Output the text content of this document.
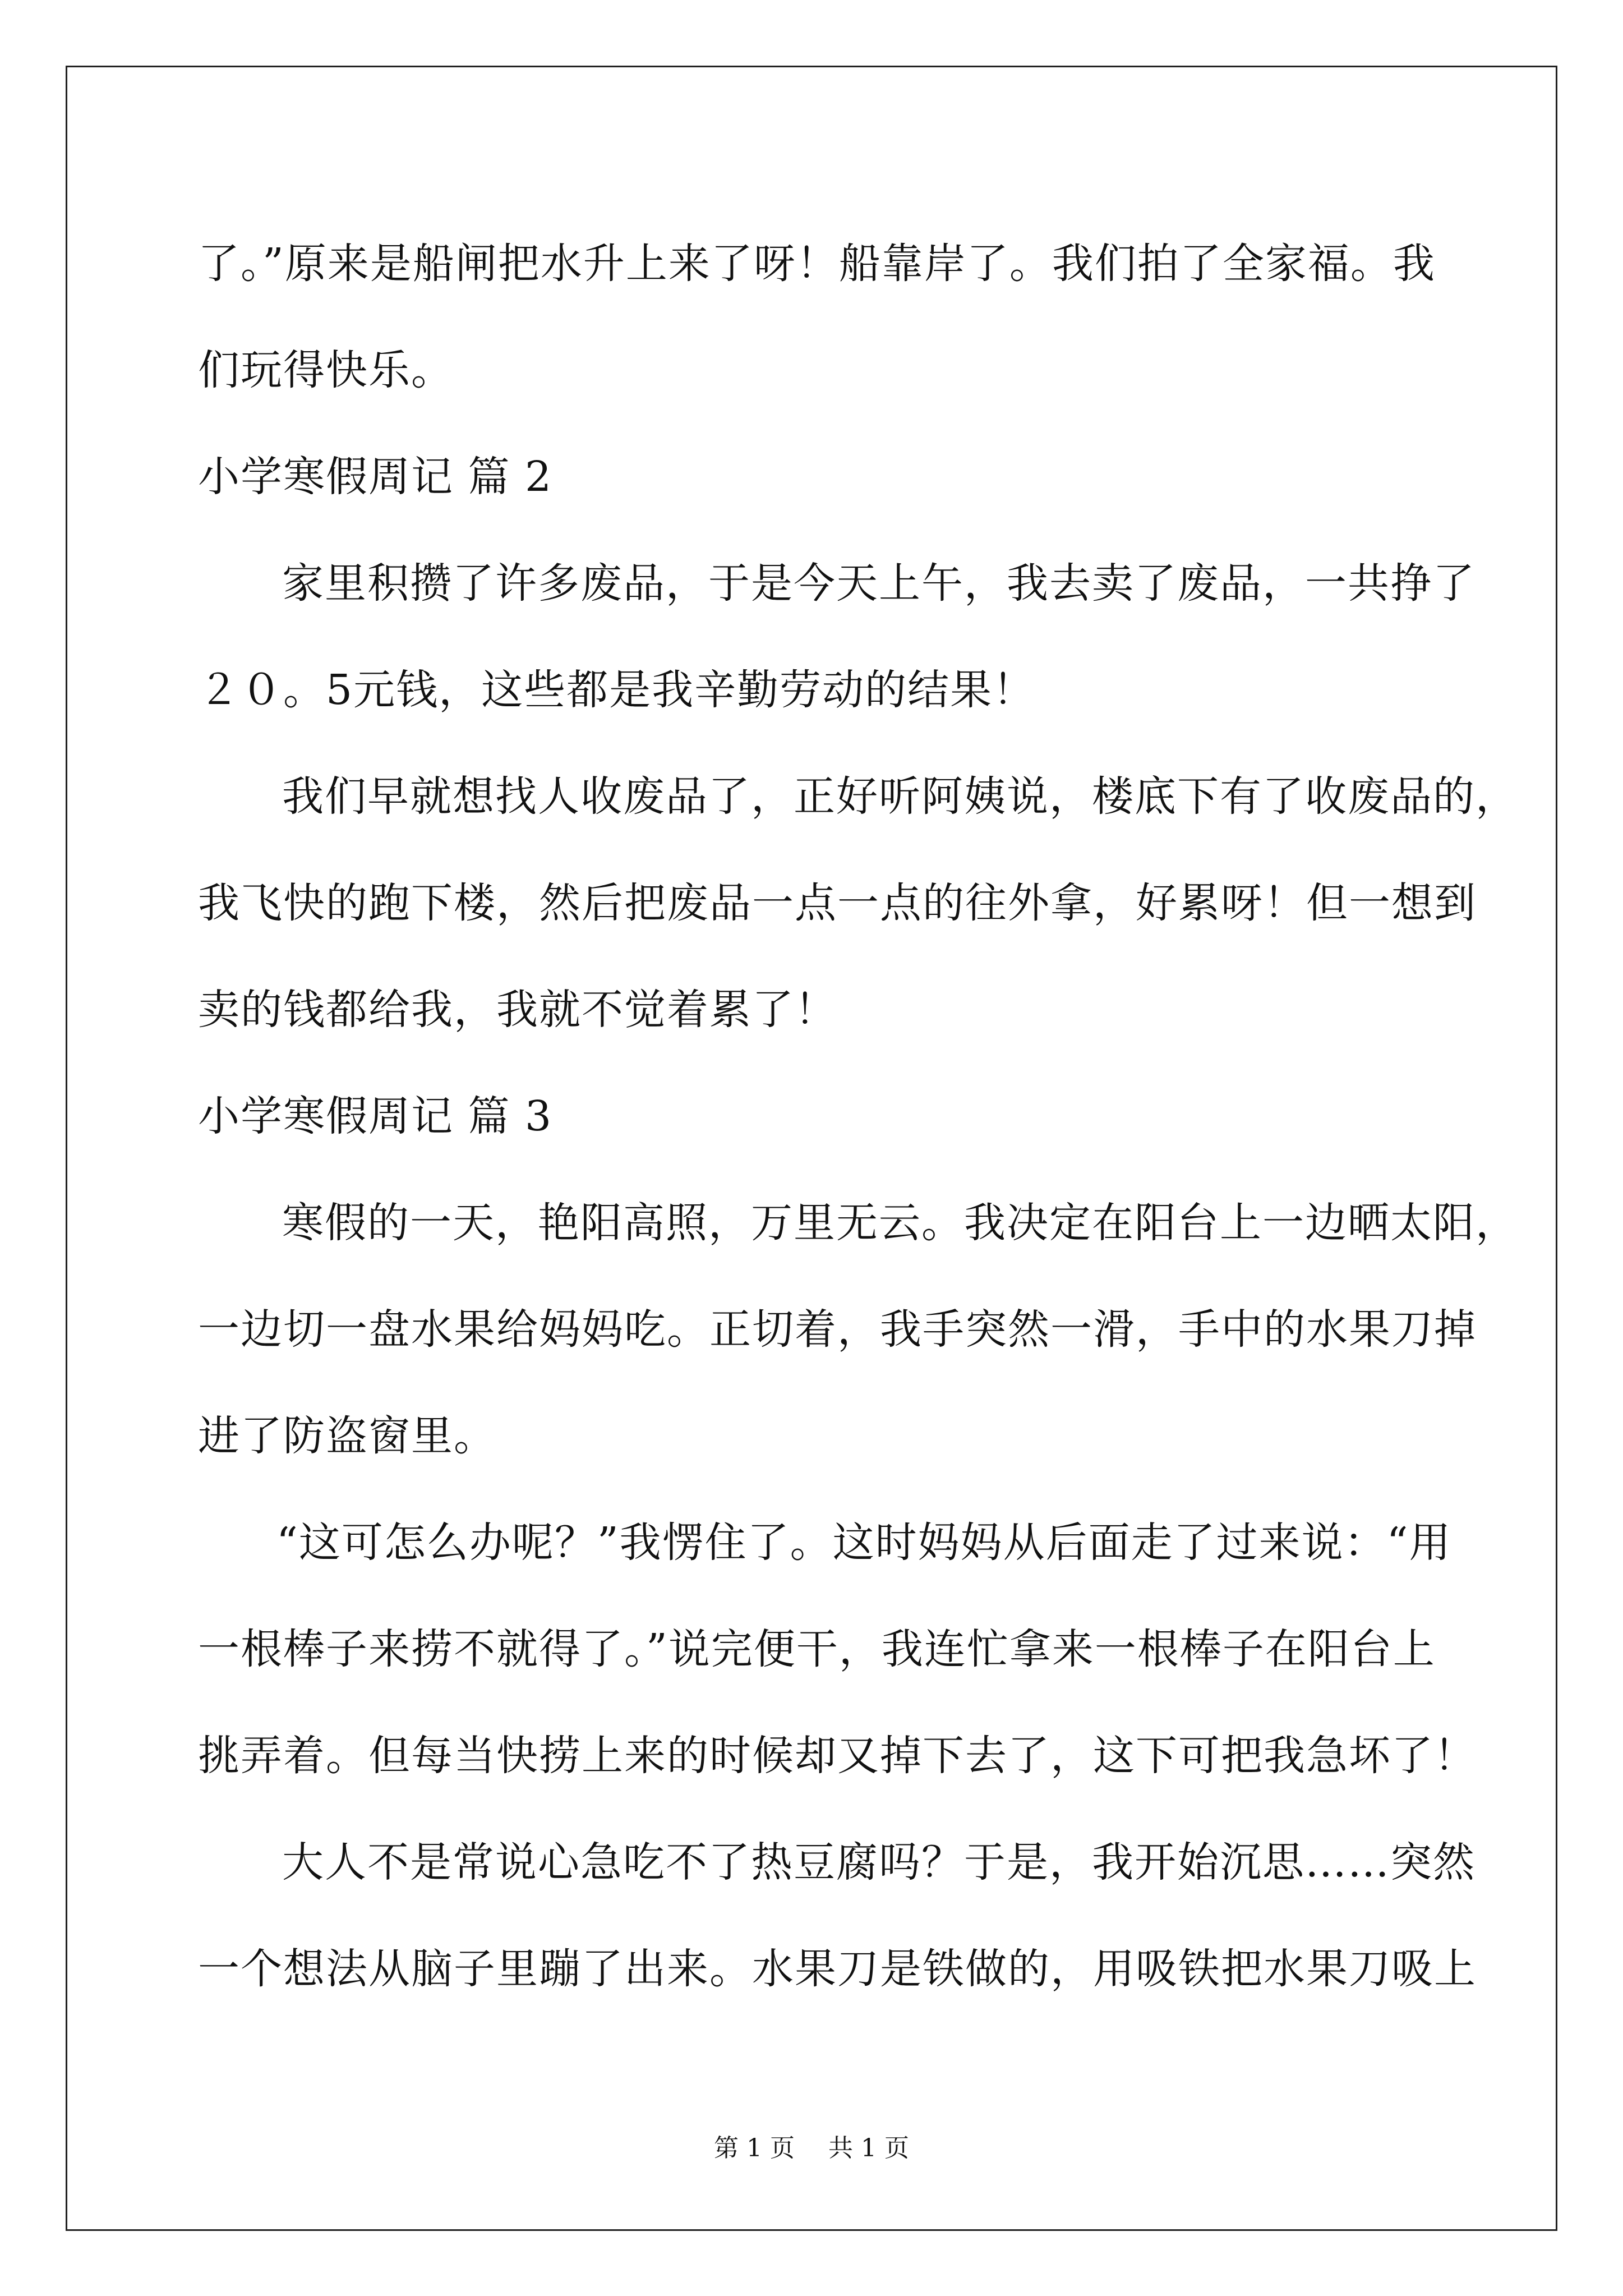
了。”原来是船闸把水升上来了呀！船靠岸了。我们拍了全家福。我
们玩得快乐。
小学寒假周记 篇 2
家里积攒了许多废品，于是今天上午，我去卖了废品，一共挣了
２０。5元钱，这些都是我辛勤劳动的结果！
我们早就想找人收废品了，正好听阿姨说，楼底下有了收废品的，
我飞快的跑下楼，然后把废品一点一点的往外拿，好累呀！但一想到
卖的钱都给我，我就不觉着累了！
小学寒假周记 篇 3
寒假的一天，艳阳高照，万里无云。我决定在阳台上一边晒太阳，
一边切一盘水果给妈妈吃。正切着，我手突然一滑，手中的水果刀掉
进了防盗窗里。
“这可怎么办呢？”我愣住了。这时妈妈从后面走了过来说：“用
一根棒子来捞不就得了。”说完便干，我连忙拿来一根棒子在阳台上
挑弄着。但每当快捞上来的时候却又掉下去了，这下可把我急坏了！
大人不是常说心急吃不了热豆腐吗？于是，我开始沉思……突然
一个想法从脑子里蹦了出来。水果刀是铁做的，用吸铁把水果刀吸上
第 1 页 共 1 页
